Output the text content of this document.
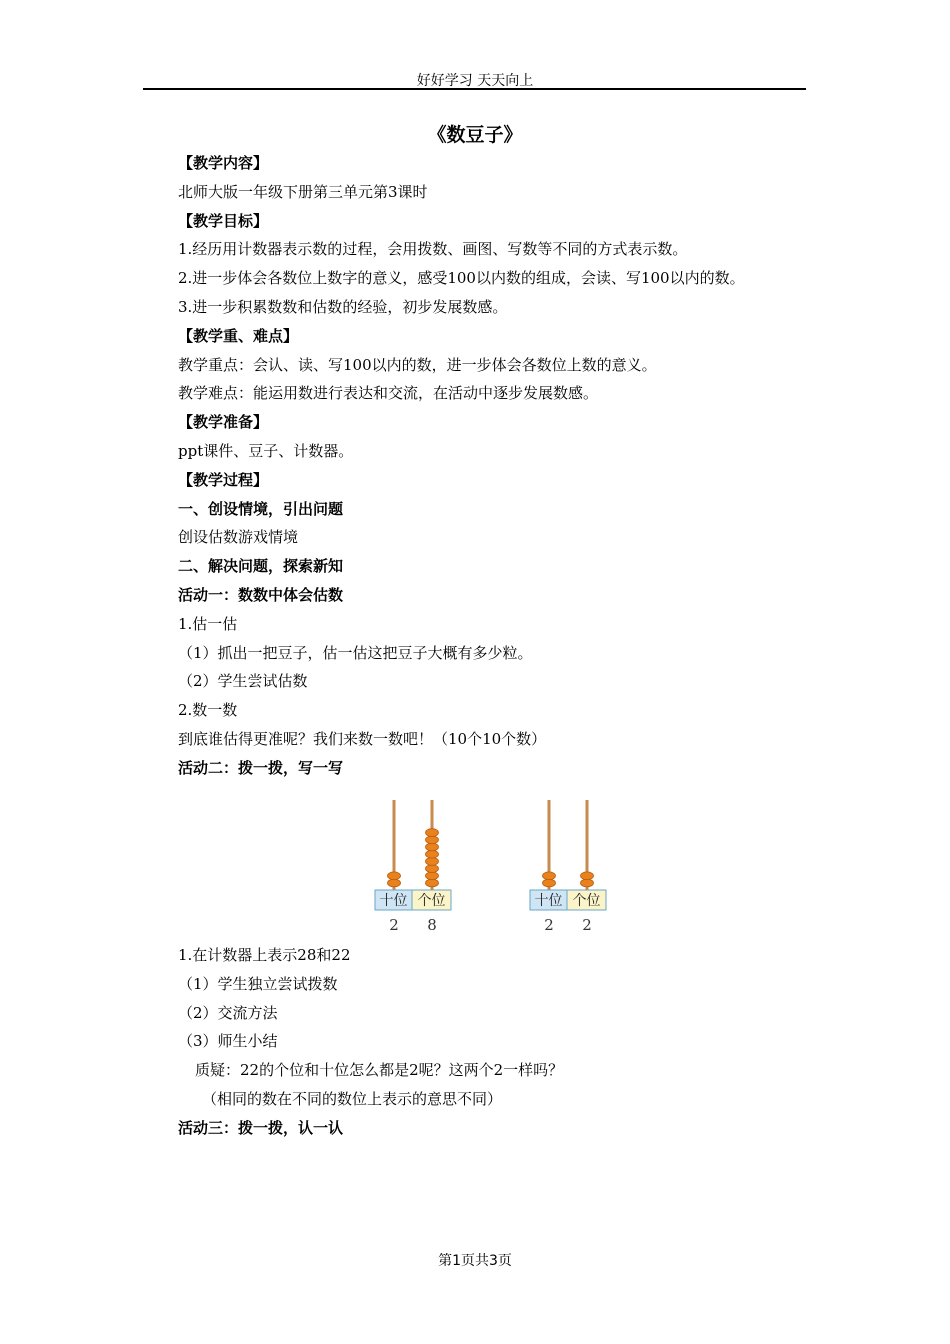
好好学习 天天向上
《数豆子》
【教学内容】
北师大版一年级下册第三单元第3课时
【教学目标】
1.经历用计数器表示数的过程，会用拨数、画图、写数等不同的方式表示数。
2.进一步体会各数位上数字的意义，感受100以内数的组成，会读、写100以内的数。
3.进一步积累数数和估数的经验，初步发展数感。
【教学重、难点】
教学重点：会认、读、写100以内的数，进一步体会各数位上数的意义。
教学难点：能运用数进行表达和交流，在活动中逐步发展数感。
【教学准备】
ppt课件、豆子、计数器。
【教学过程】
一、创设情境，引出问题
创设估数游戏情境
二、解决问题，探索新知
活动一：数数中体会估数
1.估一估
（1）抓出一把豆子，估一估这把豆子大概有多少粒。
（2）学生尝试估数
2.数一数
到底谁估得更准呢？我们来数一数吧！（10个10个数）
活动二：拨一拨，写一写
十位 个位
2 8
十位 个位
2 2
1.在计数器上表示28和22
（1）学生独立尝试拨数
（2）交流方法
（3）师生小结
质疑：22的个位和十位怎么都是2呢？这两个2一样吗？
（相同的数在不同的数位上表示的意思不同）
活动三：拨一拨，认一认
第1页共3页
